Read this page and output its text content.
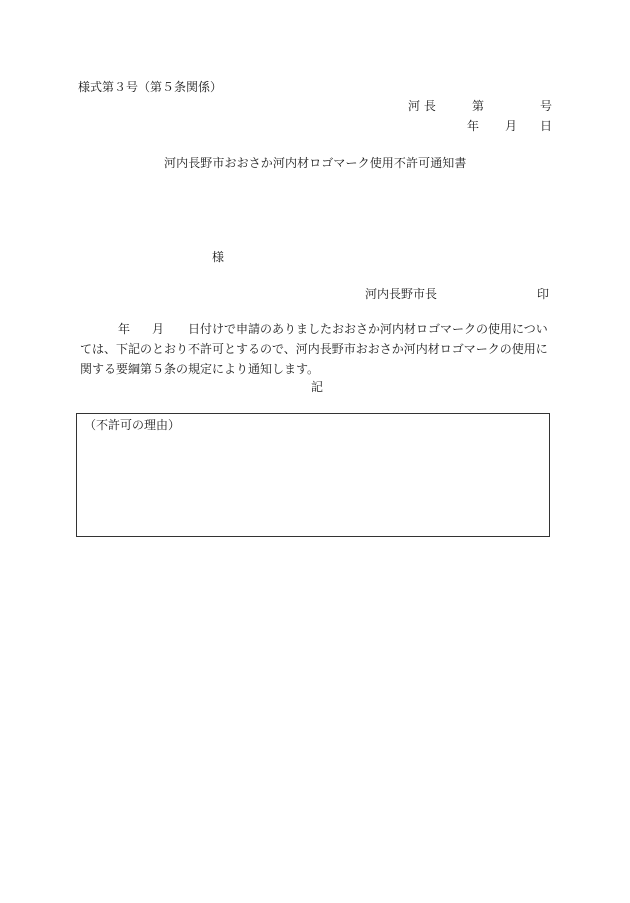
様式第３号（第５条関係）
河 長	第	号
年 月 日
河内長野市おおさか河内材ロゴマーク使用不許可通知書
様
河内長野市長	印
年 月 日付けで申請のありましたおおさか河内材ロゴマークの使用につい
ては、下記のとおり不許可とするので、河内長野市おおさか河内材ロゴマークの使用に
関する要綱第５条の規定により通知します。
記
（不許可の理由）
